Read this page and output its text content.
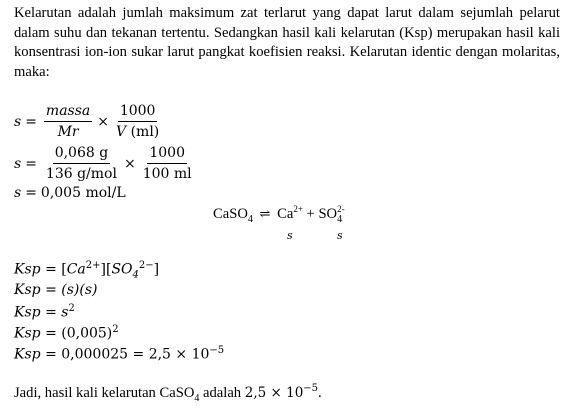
Kelarutan adalah jumlah maksimum zat terlarut yang dapat larut dalam sejumlah pelarut dalam suhu dan tekanan tertentu. Sedangkan hasil kali kelarutan (Ksp) merupakan hasil kali konsentrasi ion-ion sukar larut pangkat koefisien reaksi. Kelarutan identic dengan molaritas, maka:

$s = \frac{\text{massa}}{Mr} \times \frac{1000}{V (ml)}$
$s = \frac{0,068 g}{\text{136 g/mol}} \times \frac{1000}{100 ml}$
s = 0,005 mol/L
CaSO$_4$ ⇌ $Ca^{2+} + SO_4^{2-}$
s	s
Ksp = $[Ca^{2+}][SO_4^{2-}]$
Ksp = (s)(s)
Ksp = $s^2$
Ksp = $(0,005)^2$
Ksp = $0,000025 = 2,5 \times 10^{-5}$
Jadi, hasil kali kelarutan CaSO$_4$ adalah $2,5 \times 10^{-5}$.
